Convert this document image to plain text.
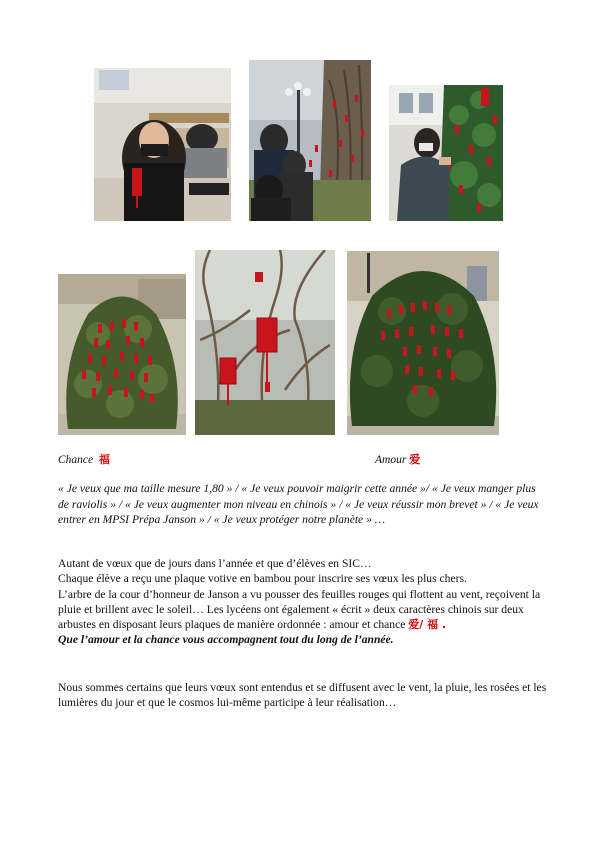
Chance 福	Amour 爱
« Je veux que ma taille mesure 1,80 » / « Je veux pouvoir maigrir cette année »/ « Je veux manger plus de raviolis » / « Je veux augmenter mon niveau en chinois » / « Je veux réussir mon brevet » / « Je veux entrer en MPSI Prépa Janson » / « Je veux protéger notre planète » …

Autant de vœux que de jours dans l’année et que d’élèves en SIC…

Chaque élève a reçu une plaque votive en bambou pour inscrire ses vœux les plus chers.

L’arbre de la cour d’honneur de Janson a vu pousser des feuilles rouges qui flottent au vent, reçoivent la pluie et brillent avec le soleil… Les lycéens ont également « écrit » deux caractères chinois sur deux arbustes en disposant leurs plaques de manière ordonnée : amour et chance 爱/ 福 .

Que l’amour et la chance vous accompagnent tout du long de l’année.

Nous sommes certains que leurs vœux sont entendus et se diffusent avec le vent, la pluie, les rosées et les lumières du jour et que le cosmos lui-même participe à leur réalisation…
